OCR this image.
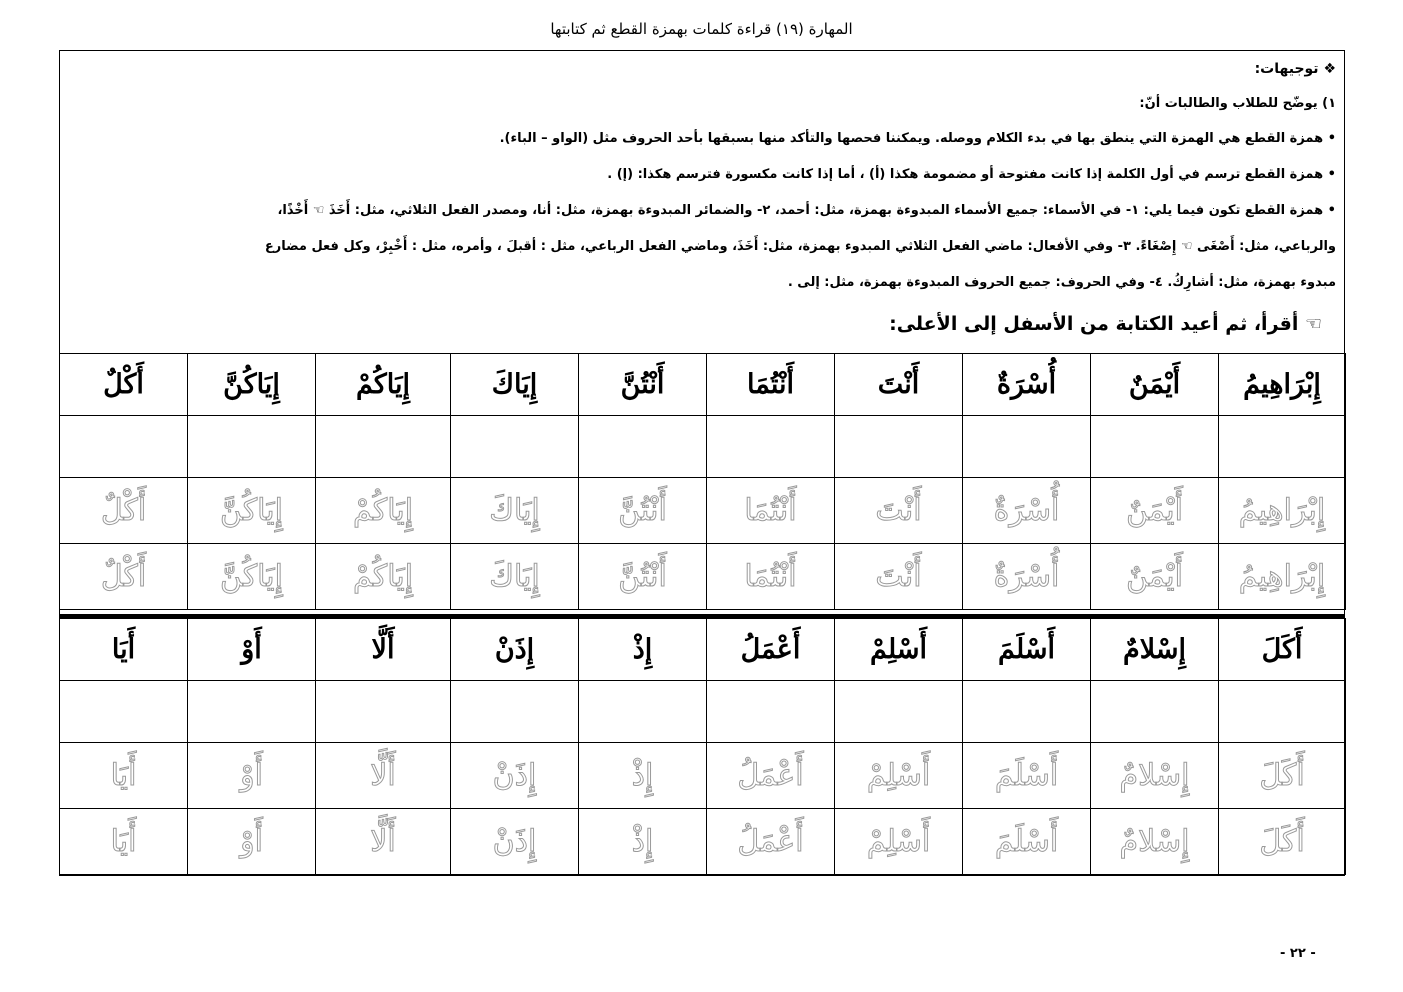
المهارة (١٩) قراءة كلمات بهمزة القطع ثم كتابتها

❖ توجيهات:

١) يوضّح للطلاب والطالبات أنّ:

• همزة القطع هي الهمزة التي ينطق بها في بدء الكلام ووصله. ويمكننا فحصها والتأكد منها بسبقها بأحد الحروف مثل (الواو – الباء).

• همزة القطع ترسم في أول الكلمة إذا كانت مفتوحة أو مضمومة هكذا (أ) ، أما إذا كانت مكسورة فترسم هكذا: (إ) .

• همزة القطع تكون فيما يلي: ١- في الأسماء: جميع الأسماء المبدوءة بهمزة، مثل: أحمد، ٢- والضمائر المبدوءة بهمزة، مثل: أنا، ومصدر الفعل الثلاثي، مثل: أَخَذَ ☜ أَخْذًا،

والرباعي، مثل: أَصْغَى ☜ إِصْغَاءً. ٣- وفي الأفعال: ماضي الفعل الثلاثي المبدوء بهمزة، مثل: أَخَذَ، وماضي الفعل الرباعي، مثل : أقبلَ ، وأمره، مثل : أَخْبِرْ، وكل فعل مضارع

مبدوء بهمزة، مثل: أشارِكُ. ٤- وفي الحروف: جميع الحروف المبدوءة بهمزة، مثل: إلى .

☜ أقرأ، ثم أعيد الكتابة من الأسفل إلى الأعلى:

إِبْرَاهِيمُ	أَيْمَنٌ	أُسْرَةٌ	أَنْتَ	أَنْتُمَا	أَنْتُنَّ	إِيَاكَ	إِيَاكُمْ	إِيَاكُنَّ	أَكْلٌ

إِبْرَاهِيمُ	أَيْمَنٌ	أُسْرَةٌ	أَنْتَ	أَنْتُمَا	أَنْتُنَّ	إِيَاكَ	إِيَاكُمْ	إِيَاكُنَّ	أَكْلٌ
إِبْرَاهِيمُ	أَيْمَنٌ	أُسْرَةٌ	أَنْتَ	أَنْتُمَا	أَنْتُنَّ	إِيَاكَ	إِيَاكُمْ	إِيَاكُنَّ	أَكْلٌ
أَكَلَ	إِسْلامٌ	أَسْلَمَ	أَسْلِمْ	أَعْمَلُ	إِذْ	إِذَنْ	أَلَّا	أَوْ	أَيَا

أَكَلَ	إِسْلامٌ	أَسْلَمَ	أَسْلِمْ	أَعْمَلُ	إِذْ	إِذَنْ	أَلَّا	أَوْ	أَيَا
أَكَلَ	إِسْلامٌ	أَسْلَمَ	أَسْلِمْ	أَعْمَلُ	إِذْ	إِذَنْ	أَلَّا	أَوْ	أَيَا
- ٢٢ -
